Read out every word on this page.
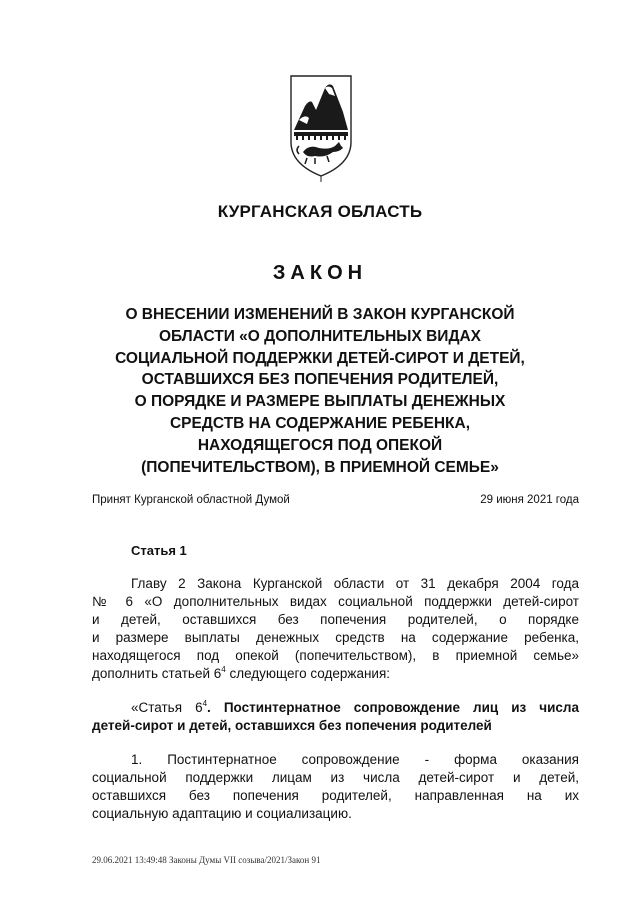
КУРГАНСКАЯ ОБЛАСТЬ
ЗАКОН
О ВНЕСЕНИИ ИЗМЕНЕНИЙ В ЗАКОН КУРГАНСКОЙ
ОБЛАСТИ «О ДОПОЛНИТЕЛЬНЫХ ВИДАХ
СОЦИАЛЬНОЙ ПОДДЕРЖКИ ДЕТЕЙ-СИРОТ И ДЕТЕЙ,
ОСТАВШИХСЯ БЕЗ ПОПЕЧЕНИЯ РОДИТЕЛЕЙ,
О ПОРЯДКЕ И РАЗМЕРЕ ВЫПЛАТЫ ДЕНЕЖНЫХ
СРЕДСТВ НА СОДЕРЖАНИЕ РЕБЕНКА,
НАХОДЯЩЕГОСЯ ПОД ОПЕКОЙ
(ПОПЕЧИТЕЛЬСТВОМ), В ПРИЕМНОЙ СЕМЬЕ»
Принят Курганской областной Думой	29 июня 2021 года
Статья 1
Главу 2 Закона Курганской области от 31 декабря 2004 года
№ 6 «О дополнительных видах социальной поддержки детей-сирот
и детей, оставшихся без попечения родителей, о порядке
и размере выплаты денежных средств на содержание ребенка,
находящегося под опекой (попечительством), в приемной семье»
дополнить статьей $6^4$ следующего содержания:
«Статья $6^4$. Постинтернатное сопровождение лиц из числа
детей-сирот и детей, оставшихся без попечения родителей
1. Постинтернатное сопровождение - форма оказания
социальной поддержки лицам из числа детей-сирот и детей,
оставшихся без попечения родителей, направленная на их
социальную адаптацию и социализацию.
29.06.2021 13:49:48 Законы Думы VII созыва/2021/Закон 91
